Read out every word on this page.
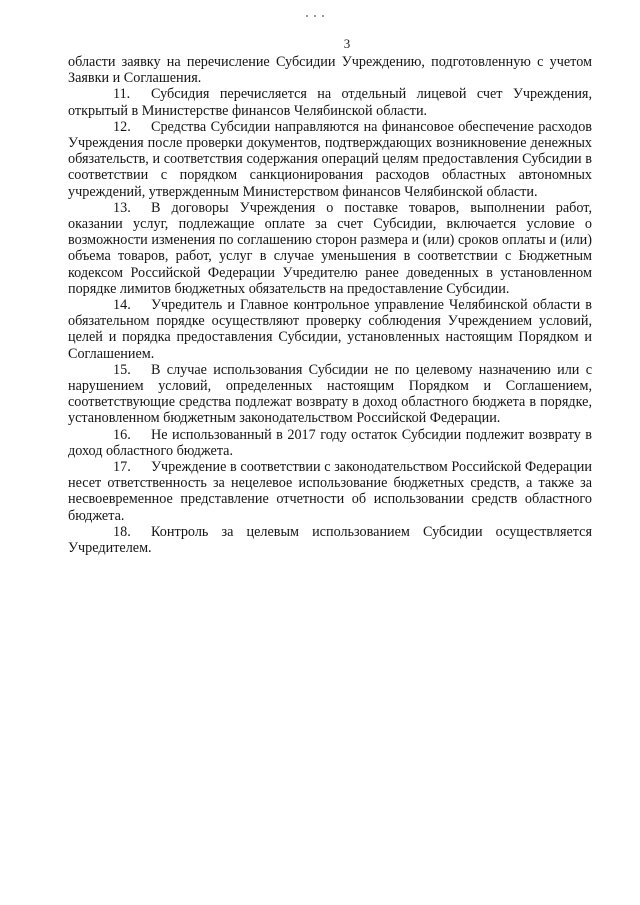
3

области заявку на перечисление Субсидии Учреждению, подготовленную с учетом Заявки и Соглашения.

11. Субсидия перечисляется на отдельный лицевой счет Учреждения, открытый в Министерстве финансов Челябинской области.

12. Средства Субсидии направляются на финансовое обеспечение расходов Учреждения после проверки документов, подтверждающих возникновение денежных обязательств, и соответствия содержания операций целям предоставления Субсидии в соответствии с порядком санкционирования расходов областных автономных учреждений, утвержденным Министерством финансов Челябинской области.

13. В договоры Учреждения о поставке товаров, выполнении работ, оказании услуг, подлежащие оплате за счет Субсидии, включается условие о возможности изменения по соглашению сторон размера и (или) сроков оплаты и (или) объема товаров, работ, услуг в случае уменьшения в соответствии с Бюджетным кодексом Российской Федерации Учредителю ранее доведенных в установленном порядке лимитов бюджетных обязательств на предоставление Субсидии.

14. Учредитель и Главное контрольное управление Челябинской области в обязательном порядке осуществляют проверку соблюдения Учреждением условий, целей и порядка предоставления Субсидии, установленных настоящим Порядком и Соглашением.

15. В случае использования Субсидии не по целевому назначению или с нарушением условий, определенных настоящим Порядком и Соглашением, соответствующие средства подлежат возврату в доход областного бюджета в порядке, установленном бюджетным законодательством Российской Федерации.

16. Не использованный в 2017 году остаток Субсидии подлежит возврату в доход областного бюджета.

17. Учреждение в соответствии с законодательством Российской Федерации несет ответственность за нецелевое использование бюджетных средств, а также за несвоевременное представление отчетности об использовании средств областного бюджета.

18. Контроль за целевым использованием Субсидии осуществляется Учредителем.
